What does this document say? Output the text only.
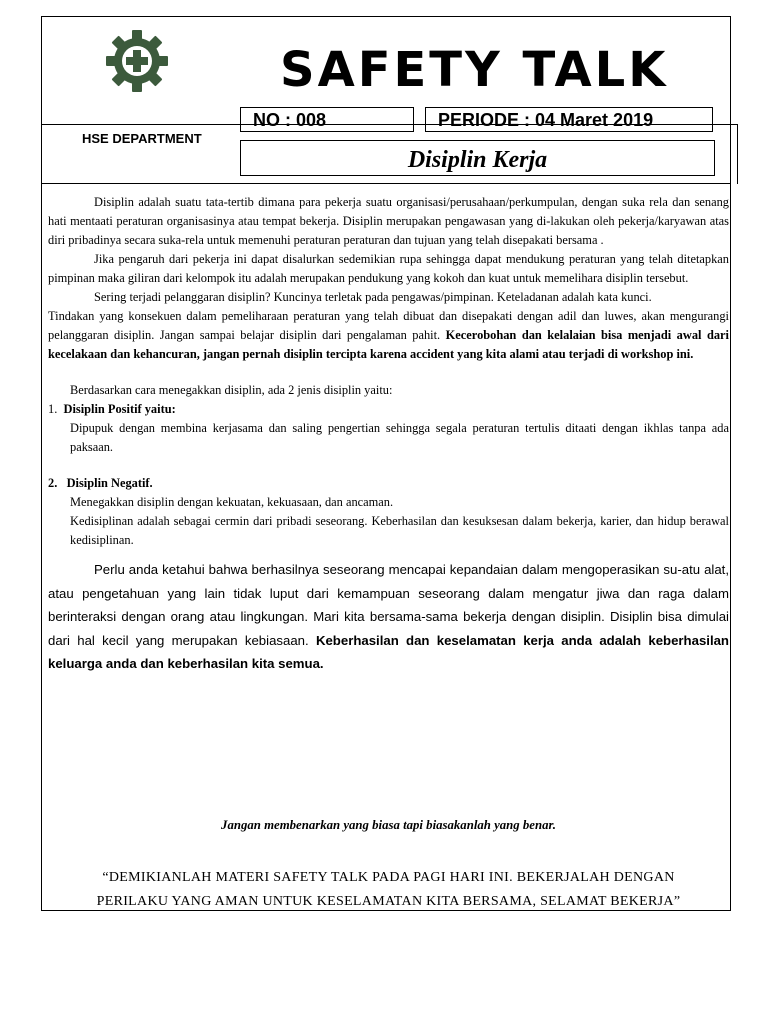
SAFETY TALK
HSE DEPARTMENT
NO : 008	PERIODE : 04 Maret 2019
Disiplin Kerja

Disiplin adalah suatu tata-tertib dimana para pekerja suatu organisasi/perusahaan/perkumpulan, dengan suka rela dan senang hati mentaati peraturan organisasinya atau tempat bekerja. Disiplin merupakan pengawasan yang di-lakukan oleh pekerja/karyawan atas diri pribadinya secara suka-rela untuk memenuhi peraturan peraturan dan tujuan yang telah disepakati bersama .

Jika pengaruh dari pekerja ini dapat disalurkan sedemikian rupa sehingga dapat mendukung peraturan yang telah ditetapkan pimpinan maka giliran dari kelompok itu adalah merupakan pendukung yang kokoh dan kuat untuk memelihara disiplin tersebut.

Sering terjadi pelanggaran disiplin? Kuncinya terletak pada pengawas/pimpinan. Keteladanan adalah kata kunci.

Tindakan yang konsekuen dalam pemeliharaan peraturan yang telah dibuat dan disepakati dengan adil dan luwes, akan mengurangi pelanggaran disiplin. Jangan sampai belajar disiplin dari pengalaman pahit. Kecerobohan dan kelalaian bisa menjadi awal dari kecelakaan dan kehancuran, jangan pernah disiplin tercipta karena accident yang kita alami atau terjadi di workshop ini.

Berdasarkan cara menegakkan disiplin, ada 2 jenis disiplin yaitu:

1. Disiplin Positif yaitu:

Dipupuk dengan membina kerjasama dan saling pengertian sehingga segala peraturan tertulis ditaati dengan ikhlas tanpa ada paksaan.

2. Disiplin Negatif.

Menegakkan disiplin dengan kekuatan, kekuasaan, dan ancaman.

Kedisiplinan adalah sebagai cermin dari pribadi seseorang. Keberhasilan dan kesuksesan dalam bekerja, karier, dan hidup berawal kedisiplinan.

Perlu anda ketahui bahwa berhasilnya seseorang mencapai kepandaian dalam mengoperasikan su-atu alat, atau pengetahuan yang lain tidak luput dari kemampuan seseorang dalam mengatur jiwa dan raga dalam berinteraksi dengan orang atau lingkungan. Mari kita bersama-sama bekerja dengan disiplin. Disiplin bisa dimulai dari hal kecil yang merupakan kebiasaan. Keberhasilan dan keselamatan kerja anda adalah keberhasilan keluarga anda dan keberhasilan kita semua.

Jangan membenarkan yang biasa tapi biasakanlah yang benar.
“DEMIKIANLAH MATERI SAFETY TALK PADA PAGI HARI INI. BEKERJALAH DENGAN
PERILAKU YANG AMAN UNTUK KESELAMATAN KITA BERSAMA, SELAMAT BEKERJA”
